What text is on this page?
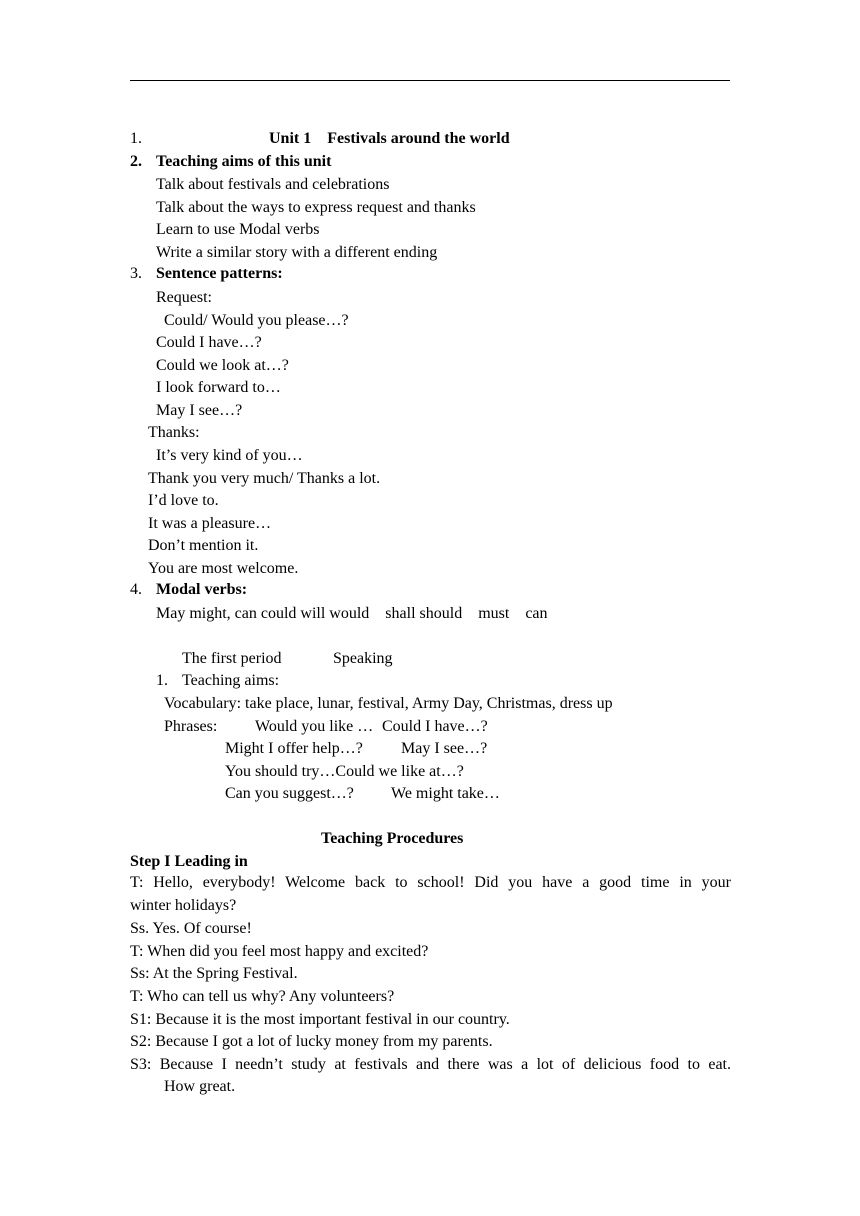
1.	Unit 1    Festivals around the world
2. Teaching aims of this unit
Talk about festivals and celebrations
Talk about the ways to express request and thanks
Learn to use Modal verbs
Write a similar story with a different ending
3. Sentence patterns:
Request:
Could/ Would you please…?
Could I have…?
Could we look at…?
I look forward to…
May I see…?
Thanks:
It’s very kind of you…
Thank you very much/ Thanks a lot.
I’d love to.
It was a pleasure…
Don’t mention it.
You are most welcome.
4. Modal verbs:
May might, can could will would    shall should    must    can
The first period	Speaking
1. Teaching aims:
Vocabulary: take place, lunar, festival, Army Day, Christmas, dress up
Phrases: Would you like … Could I have…?
Might I offer help…? May I see…?
You should try…Could we like at…?
Can you suggest…? We might take…
Teaching Procedures
Step I Leading in
T: Hello, everybody! Welcome back to school! Did you have a good time in your
winter holidays?
Ss. Yes. Of course!
T: When did you feel most happy and excited?
Ss: At the Spring Festival.
T: Who can tell us why? Any volunteers?
S1: Because it is the most important festival in our country.
S2: Because I got a lot of lucky money from my parents.
S3: Because I needn’t study at festivals and there was a lot of delicious food to eat.
How great.
